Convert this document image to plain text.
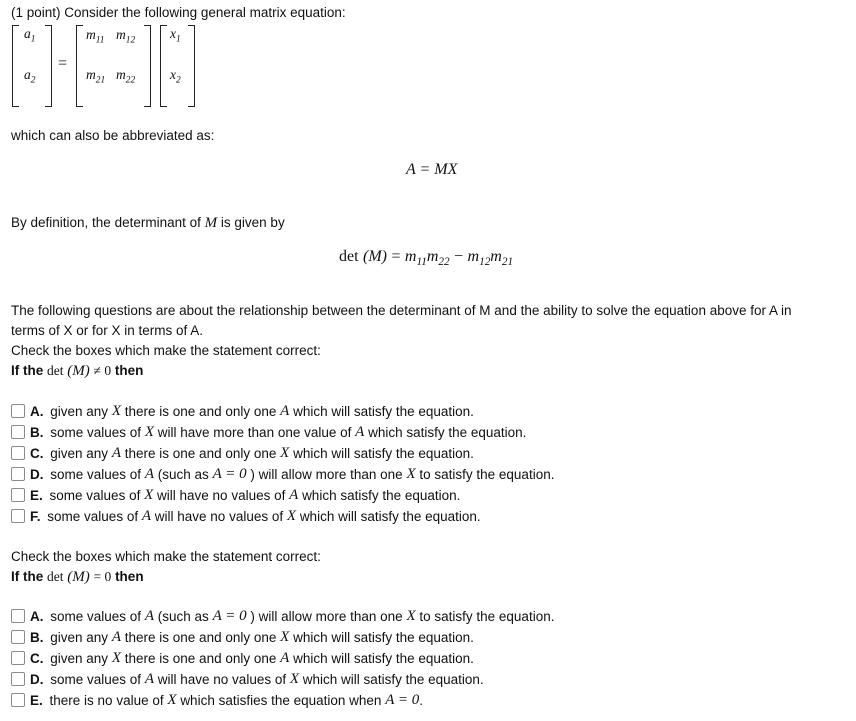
(1 point) Consider the following general matrix equation:
$a_1$
$a_2$
=
$m_{11}$ $m_{12}$
$m_{21}$ $m_{22}$
$x_1$
$x_2$
which can also be abbreviated as:
A = MX
By definition, the determinant of M is given by
$\det (M) = m_{11}m_{22} - m_{12}m_{21}$
The following questions are about the relationship between the determinant of M and the ability to solve the equation above for A in
terms of X or for X in terms of A.
Check the boxes which make the statement correct:
If the det (M) ≠ 0 then
A.
given any
X
there is one and only one
A
which will satisfy the equation.
B.
some values of
X
will have more than one value of
A
which satisfy the equation.
C.
given any
A
there is one and only one
X
which will satisfy the equation.
D.
some values of
A
(such as
A = 0
) will allow more than one
X
to satisfy the equation.
E.
some values of
X
will have no values of
A
which satisfy the equation.
F.
some values of
A
will have no values of
X
which will satisfy the equation.
Check the boxes which make the statement correct:
If the det (M) = 0 then
A.
some values of
A
(such as
A = 0
) will allow more than one
X
to satisfy the equation.
B.
given any
A
there is one and only one
X
which will satisfy the equation.
C.
given any
X
there is one and only one
A
which will satisfy the equation.
D.
some values of
A
will have no values of
X
which will satisfy the equation.
E.
there is no value of
X
which satisfies the equation when
A = 0 .
